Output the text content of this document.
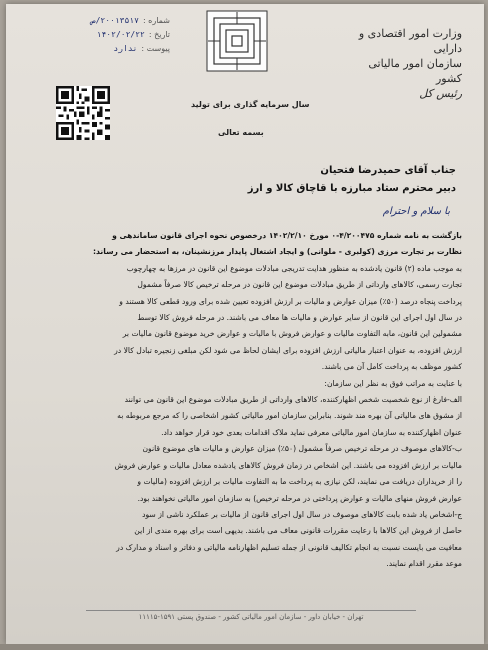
شماره :
۲۰۰۱۳۵۱۷/ص
تاریخ :
۱۴۰۲/۰۲/۲۲
پیوست :
ندارد
سال سرمایه گذاری برای تولید
بسمه تعالی
وزارت امور اقتصادی و دارایی
سازمان امور مالیاتی کشور
رئیس کل
جناب آقای حمیدرضا فتحیان
دبیر محترم ستاد مبارزه با قاچاق کالا و ارز
با سلام و احترام

بازگشت به نامه شماره ۴/۲۰۰۴۷۵-۰ مورخ ۱۴۰۲/۲/۱۰ درخصوص نحوه اجرای قانون ساماندهی و

نظارت بر تجارت مرزی (کولبری - ملوانی) و ایجاد اشتغال پایدار مرزنشینان، به استحضار می رساند:

به موجب ماده (۲) قانون یادشده به منظور هدایت تدریجی مبادلات موضوع این قانون در مرزها به چهارچوب

تجارت رسمی، کالاهای وارداتی از طریق مبادلات موضوع این قانون در مرحله ترخیص کالا صرفاً مشمول

پرداخت پنجاه درصد (۵۰٪) میزان عوارض و مالیات بر ارزش افزوده تعیین شده برای ورود قطعی کالا هستند و

در سال اول اجرای این قانون از سایر عوارض و مالیات ها معاف می باشند. در مرحله فروش کالا توسط

مشمولین این قانون، مابه التفاوت مالیات و عوارض فروش با مالیات و عوارض خرید موضوع قانون مالیات بر

ارزش افزوده، به عنوان اعتبار مالیاتی ارزش افزوده برای ایشان لحاظ می شود لکن مبلغی زنجیره تبادل کالا در

کشور موظف به پرداخت کامل آن می باشند.

با عنایت به مراتب فوق به نظر این سازمان:

الف-فارغ از نوع شخصیت شخص اظهارکننده، کالاهای وارداتی از طریق مبادلات موضوع این قانون می توانند

از مشوق های مالیاتی آن بهره مند شوند. بنابراین سازمان امور مالیاتی کشور اشخاصی را که مرجع مربوطه به

عنوان اظهارکننده به سازمان امور مالیاتی معرفی نماید ملاک اقدامات بعدی خود قرار خواهد داد.

ب-کالاهای موصوف در مرحله ترخیص صرفاً مشمول (۵۰٪) میزان عوارض و مالیات های موضوع قانون

مالیات بر ارزش افزوده می باشند. این اشخاص در زمان فروش کالاهای یادشده معادل مالیات و عوارض فروش

را از خریداران دریافت می نمایند، لکن نیازی به پرداخت ما به التفاوت مالیات بر ارزش افزوده (مالیات و

عوارض فروش منهای مالیات و عوارض پرداختی در مرحله ترخیص) به سازمان امور مالیاتی نخواهند بود.

ج-اشخاص یاد شده بابت کالاهای موصوف در سال اول اجرای قانون از مالیات بر عملکرد ناشی از سود

حاصل از فروش این کالاها با رعایت مقررات قانونی معاف می باشند. بدیهی است برای بهره مندی از این

معافیت می بایست نسبت به انجام تکالیف قانونی از جمله تسلیم اظهارنامه مالیاتی و دفاتر و اسناد و مدارک در

موعد مقرر اقدام نمایند.

تهران - خیابان داور - سازمان امور مالیاتی کشور - صندوق پستی ۱۵۹۱-۱۱۱۱۵
